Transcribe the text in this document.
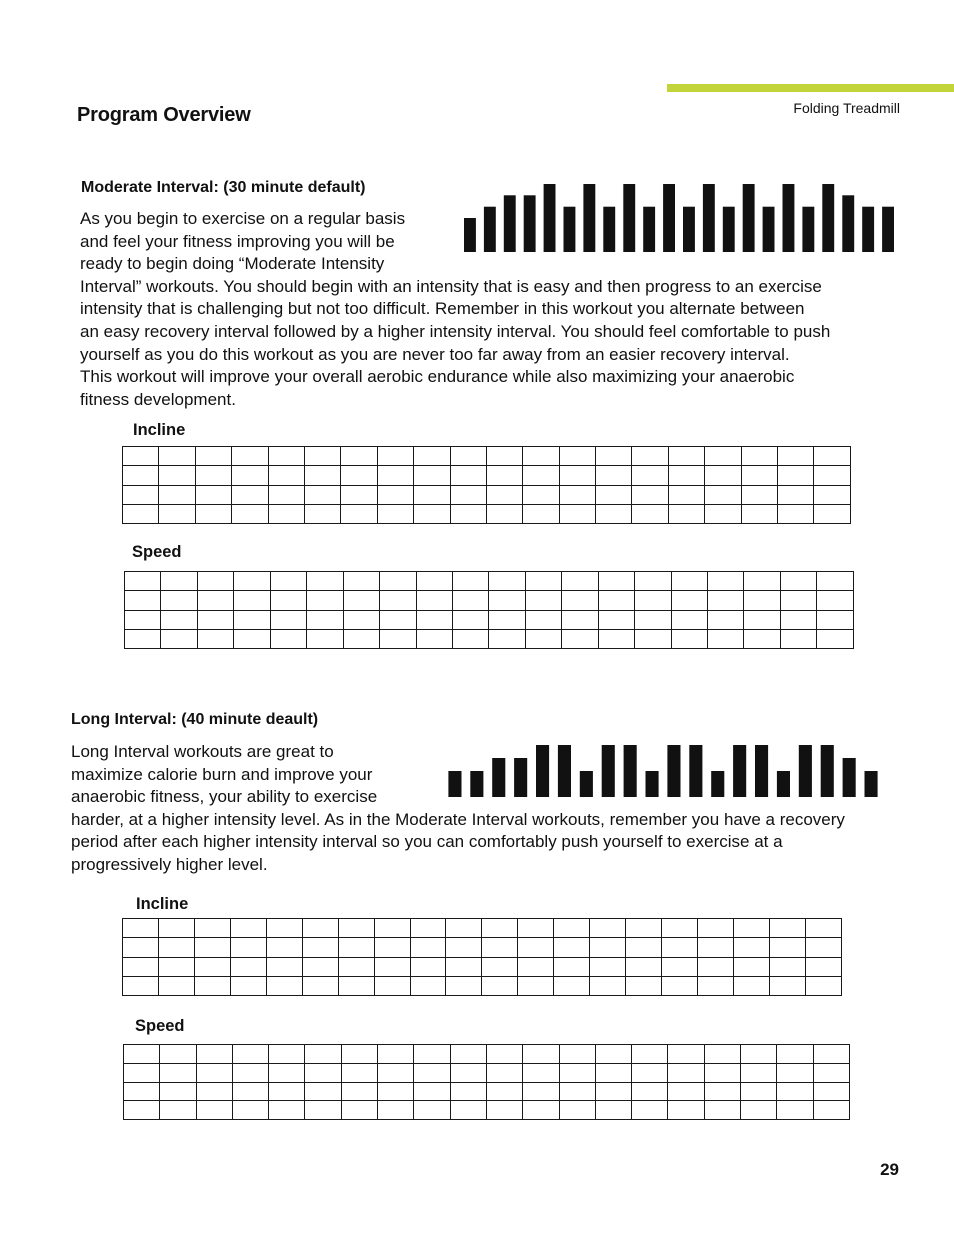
Folding Treadmill
Program Overview
Moderate Interval: (30 minute default)

As you begin to exercise on a regular basis
and feel your fitness improving you will be
ready to begin doing “Moderate Intensity
Interval” workouts. You should begin with an intensity that is easy and then progress to an exercise
intensity that is challenging but not too difficult. Remember in this workout you alternate between
an easy recovery interval followed by a higher intensity interval. You should feel comfortable to push
yourself as you do this workout as you are never too far away from an easier recovery interval.
This workout will improve your overall aerobic endurance while also maximizing your anaerobic
fitness development.

Incline

Speed

Long Interval: (40 minute deault)

Long Interval workouts are great to
maximize calorie burn and improve your
anaerobic fitness, your ability to exercise
harder, at a higher intensity level. As in the Moderate Interval workouts, remember you have a recovery
period after each higher intensity interval so you can comfortably push yourself to exercise at a
progressively higher level.

Incline

Speed

29
